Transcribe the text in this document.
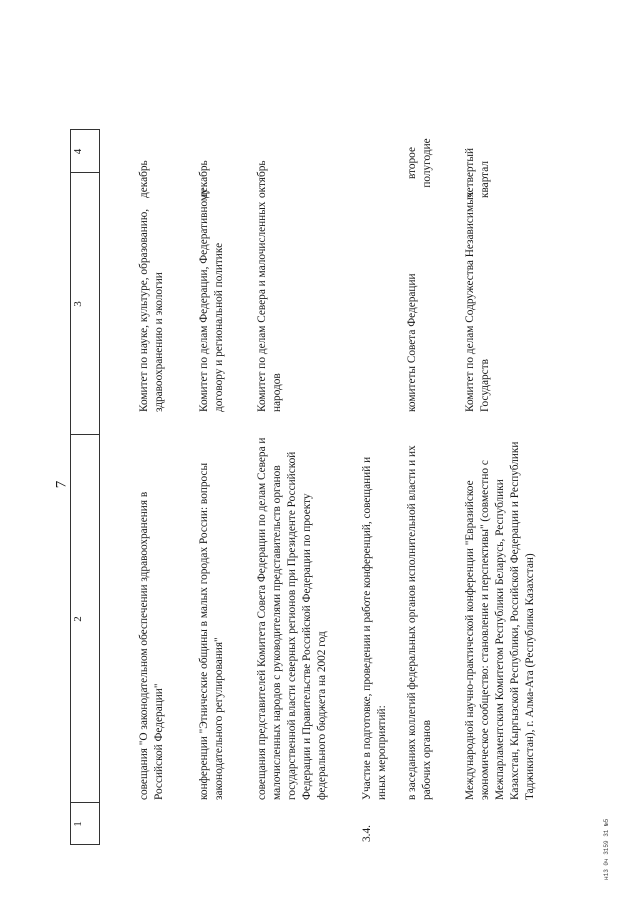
7
1
2
3
4
совещания "О законодательном обеспечении здравоохранения в Российской Федерации"
Комитет по науке, культуре, образованию, здравоохранению и экологии
декабрь
конференции "Этнические общины в малых городах России: вопросы законодательного регулирования"
Комитет по делам Федерации, Федеративному договору и региональной политике
декабрь
совещания представителей Комитета Совета Федерации по делам Севера и малочисленных народов с руководителями представительств органов государственной власти северных регионов при Президенте Российской Федерации и Правительстве Российской Федерации по проекту федерального бюджета на 2002 год
Комитет по делам Севера и малочисленных народов
октябрь
3.4.
Участие в подготовке, проведении и работе конференций, совещаний и иных мероприятий: в заседаниях коллегий федеральных органов исполнительной власти и их рабочих органов
комитеты Совета Федерации
второе полугодие
Международной научно-практической конференции "Евразийское экономическое сообщество: становление и перспективы" (совместно с Межпарламентским Комитетом Республики Беларусь, Республики Казахстан, Кыргызской Республики, Российской Федерации и Республики Таджикистан), г. Алма-Ата (Республика Казахстан)
Комитет по делам Содружества Независимых Государств
четвертый квартал
н13 0ч 3159 31 №5
